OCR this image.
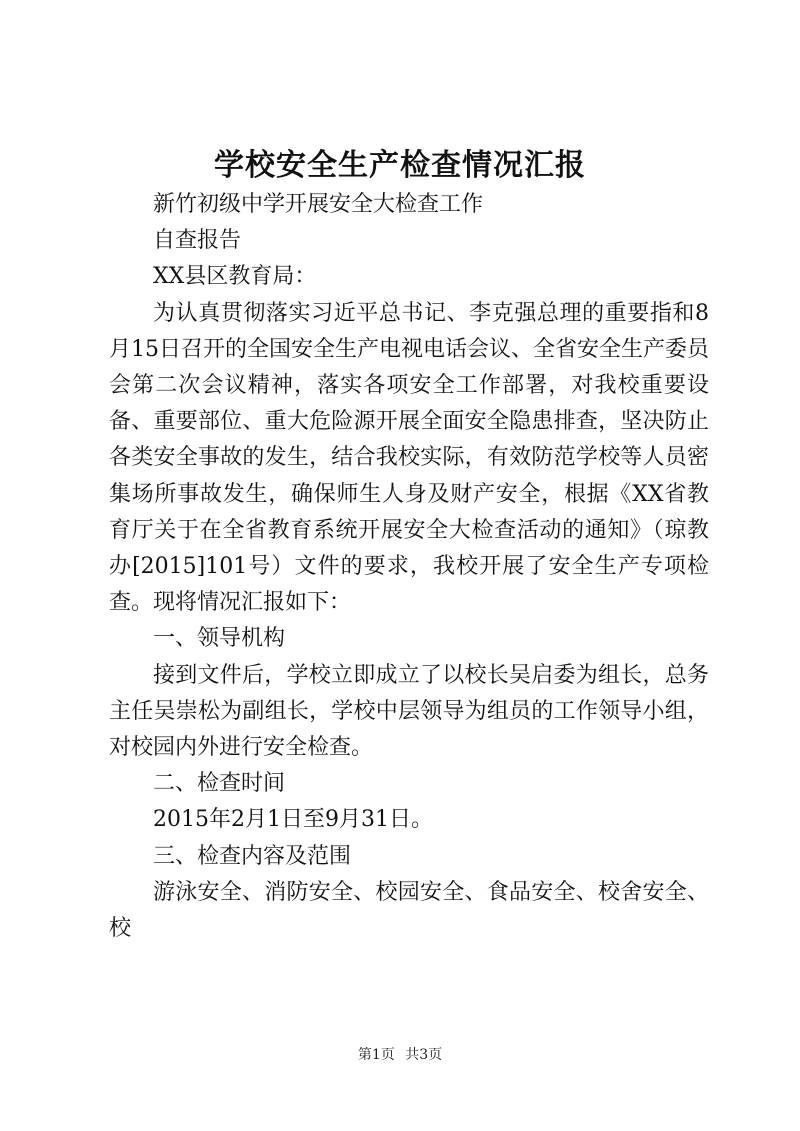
学校安全生产检查情况汇报

新竹初级中学开展安全大检查工作

自查报告

XX县区教育局：

为认真贯彻落实习近平总书记、李克强总理的重要指和8月15日召开的全国安全生产电视电话会议、全省安全生产委员会第二次会议精神，落实各项安全工作部署，对我校重要设备、重要部位、重大危险源开展全面安全隐患排查，坚决防止各类安全事故的发生，结合我校实际，有效防范学校等人员密集场所事故发生，确保师生人身及财产安全，根据《XX省教育厅关于在全省教育系统开展安全大检查活动的通知》（琼教办[2015]101号）文件的要求，我校开展了安全生产专项检查。现将情况汇报如下：

一、领导机构

接到文件后，学校立即成立了以校长吴启委为组长，总务主任吴崇松为副组长，学校中层领导为组员的工作领导小组，对校园内外进行安全检查。

二、检查时间

2015年2月1日至9月31日。

三、检查内容及范围

游泳安全、消防安全、校园安全、食品安全、校舍安全、校

第1页 共3页
